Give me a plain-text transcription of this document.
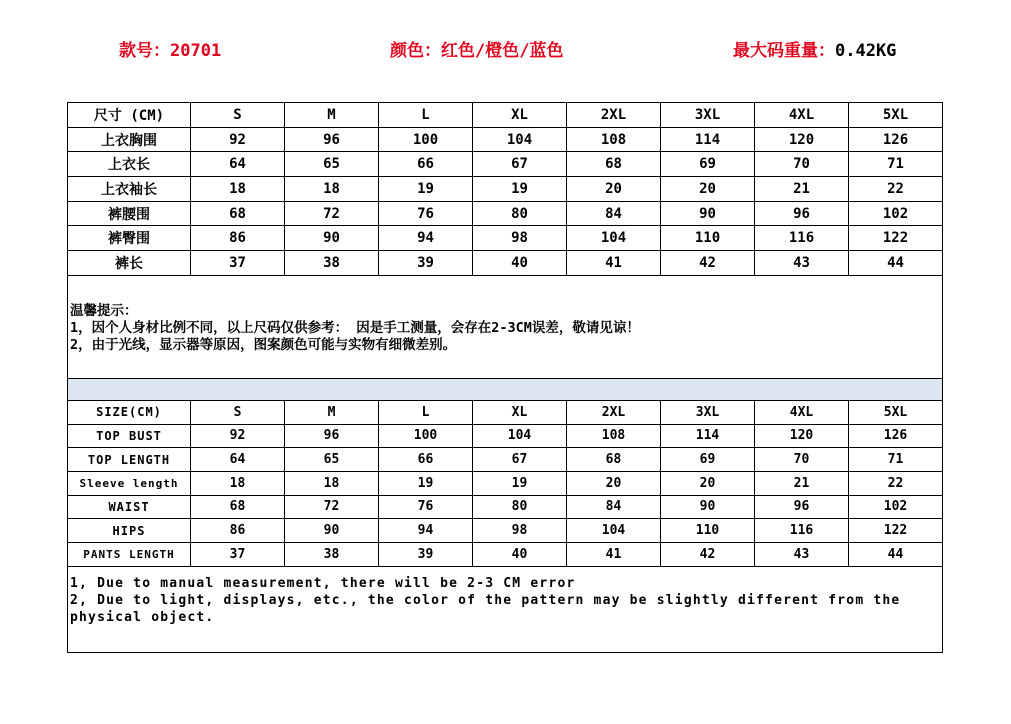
款号：20701	颜色：红色/橙色/蓝色	最大码重量：0.42KG
尺寸 (CM)	S	M	L	XL	2XL	3XL	4XL	5XL
上衣胸围	92	96	100	104	108	114	120	126
上衣长	64	65	66	67	68	69	70	71
上衣袖长	18	18	19	19	20	20	21	22
裤腰围	68	72	76	80	84	90	96	102
裤臀围	86	90	94	98	104	110	116	122
裤长	37	38	39	40	41	42	43	44
温馨提示：
1，因个人身材比例不同，以上尺码仅供参考： 因是手工测量，会存在2-3CM误差，敬请见谅！
2，由于光线，显示器等原因，图案颜色可能与实物有细微差别。
SIZE(CM)	S	M	L	XL	2XL	3XL	4XL	5XL
TOP BUST	92	96	100	104	108	114	120	126
TOP LENGTH	64	65	66	67	68	69	70	71
Sleeve length	18	18	19	19	20	20	21	22
WAIST	68	72	76	80	84	90	96	102
HIPS	86	90	94	98	104	110	116	122
PANTS LENGTH	37	38	39	40	41	42	43	44
1, Due to manual measurement, there will be 2-3 CM error
2, Due to light, displays, etc., the color of the pattern may be slightly different from the physical object.
